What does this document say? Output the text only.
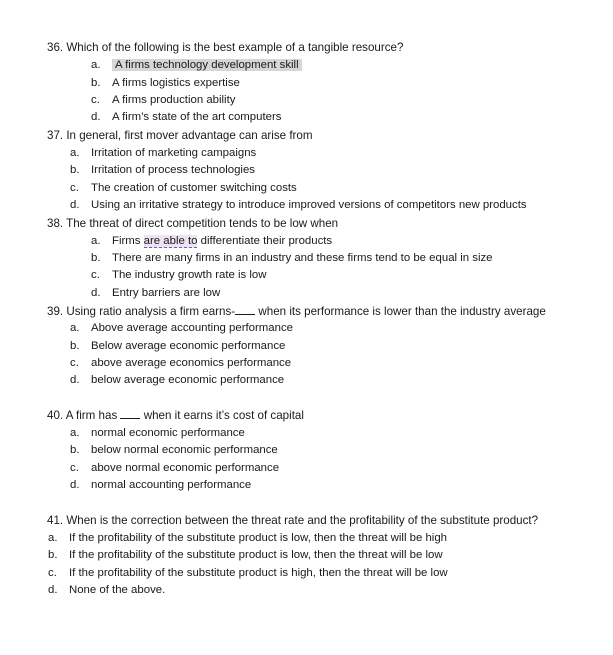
36. Which of the following is the best example of a tangible resource?
a. A firms technology development skill
b. A firms logistics expertise
c. A firms production ability
d. A firm’s state of the art computers
37. In general, first mover advantage can arise from
a. Irritation of marketing campaigns
b. Irritation of process technologies
c. The creation of customer switching costs
d. Using an irritative strategy to introduce improved versions of competitors new products
38. The threat of direct competition tends to be low when
a. Firms are able to differentiate their products
b. There are many firms in an industry and these firms tend to be equal in size
c. The industry growth rate is low
d. Entry barriers are low
39. Using ratio analysis a firm earns- when its performance is lower than the industry average
a. Above average accounting performance
b. Below average economic performance
c. above average economics performance
d. below average economic performance
40. A firm has  when it earns it’s cost of capital
a. normal economic performance
b. below normal economic performance
c. above normal economic performance
d. normal accounting performance
41. When is the correction between the threat rate and the profitability of the substitute product?
a. If the profitability of the substitute product is low, then the threat will be high
b. If the profitability of the substitute product is low, then the threat will be low
c. If the profitability of the substitute product is high, then the threat will be low
d. None of the above.
